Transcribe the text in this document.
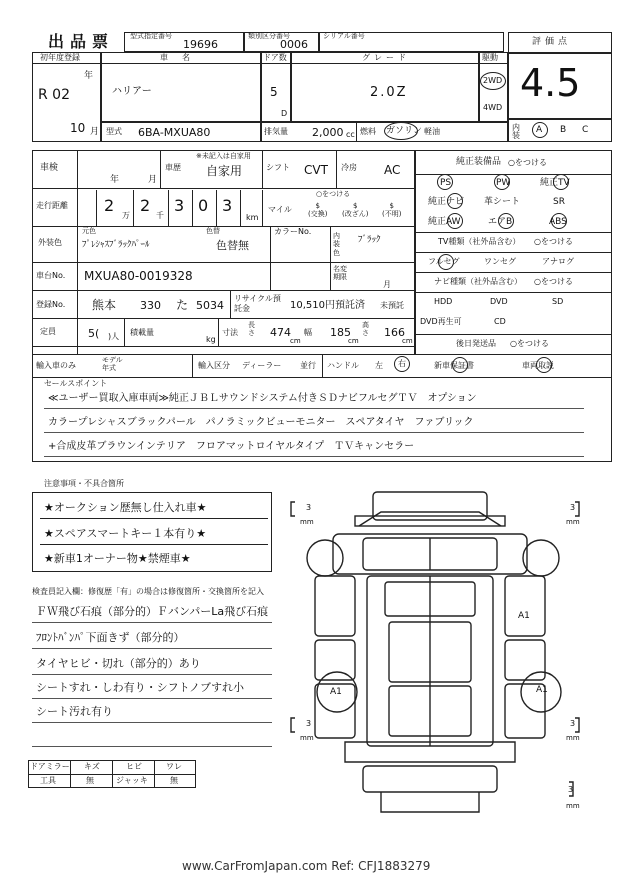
出品票 型式指定番号
19696
類別区分番号
0006
シリアル番号
評価点
4.5
内装
A B C
初年度登録
年
R 02
10 月
車　名
ハリアー
ドア数
5
D
グレード
2.0Z
駆動
2WD
4WD
型式 6BA-MXUA80	排気量 2,000 cc 燃料 ガソリン 軽油
車検
年	月
車歴
※未記入は自家用
自家用	シフト CVT 冷房 AC
走行距離 2
万
2
千
3 0 3
km
マイル
○をつける
$
(交換)
$
(改ざん)
$
(不明)
外装色
元色	色替
ﾌﾟﾚｼｬｽﾌﾞﾗｯｸﾊﾟｰﾙ	色替無
カラーNo.	内装色
ﾌﾞﾗｯｸ
車台No. MXUA80-0019328	名変期限
月
登録No. 熊本 330 た 5034
リサイクル預託金	10,510円預託済 未預託
定員	5( )人 積載量
kg
寸法
長さ 474
cm
幅 185
cm
高さ 166
cm
輸入車のみ
モデル年式	輸入区分 ディーラー 並行 ハンドル 左 右
純正装備品 ○をつける
PS	PW	純正TV
純正ナビ 革シート	SR
純正AW	エアB	ABS
TV種類（社外品含む） ○をつける
フルセグ	ワンセグ	アナログ
ナビ種類（社外品含む） ○をつける
HDD	DVD	SD
DVD再生可	CD
後日発送品 ○をつける
新車保証書	車両取説
セールスポイント
≪ユーザー買取入庫車両≫純正ＪＢＬサウンドシステム付きＳＤナビフルセグＴＶ　オプション
カラープレシャスブラックパール　パノラミックビューモニター　スペアタイヤ　ファブリック
+合成皮革ブラウンインテリア　フロアマットロイヤルタイプ　ＴＶキャンセラー
注意事項・不具合箇所
★オークション歴無し仕入れ車★
★スペアスマートキー１本有り★
★新車1オーナー物★禁煙車★
検査員記入欄：修復歴「有」の場合は修復箇所・交換箇所を記入
ＦＷ飛び石痕（部分的）ＦバンパーLa飛び石痕
ﾌﾛﾝﾄﾊﾞﾝﾊﾟ下面きず（部分的）
タイヤヒビ・切れ（部分的）あり
シートすれ・しわ有り・シフトノブすれ小
シート汚れ有り
ドアミラー キズ	ヒビ	ワレ
工具	無	ジャッキ	無
3
mm
3
mm
3
mm
3
mm
3
mm
A1
A1	A1
www.CarFromJapan.com Ref: CFJ1883279
